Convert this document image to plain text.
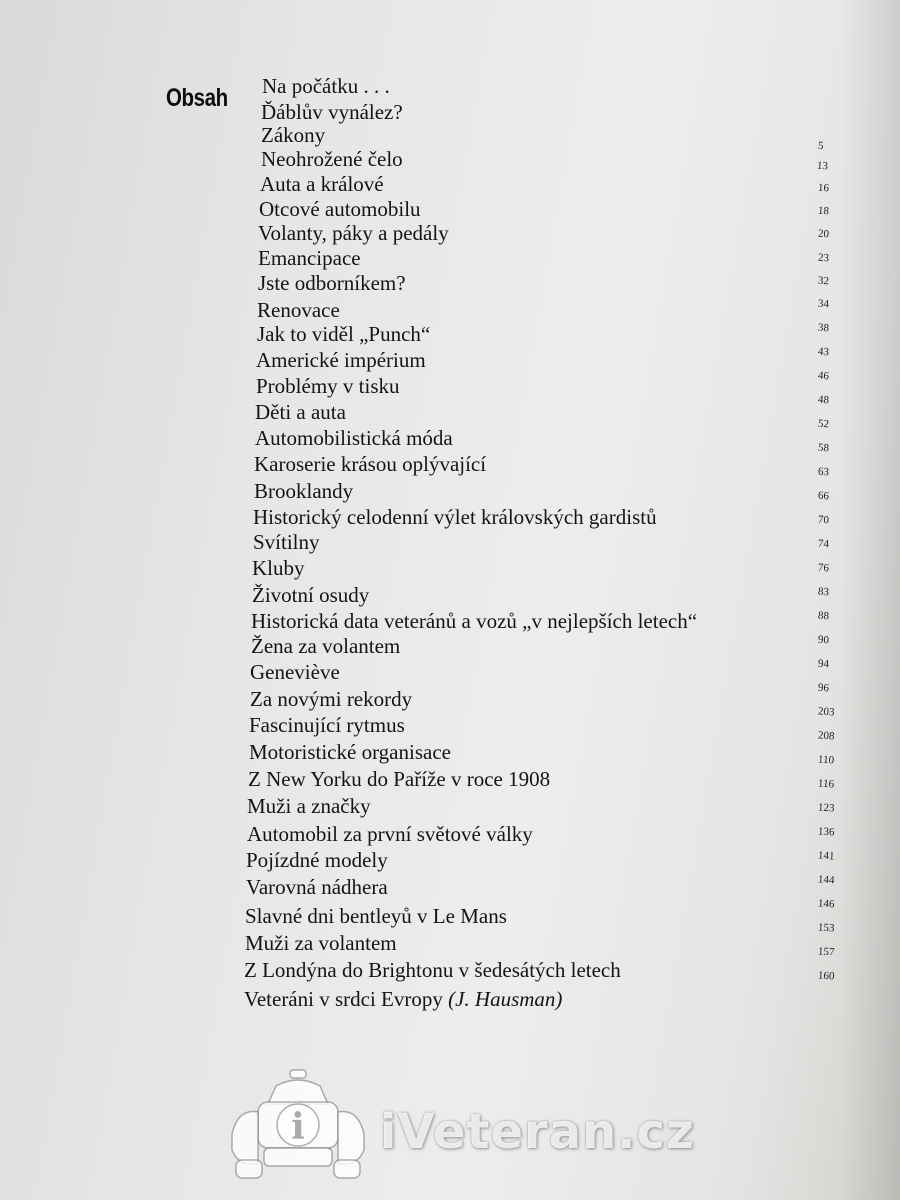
Obsah Na počátku . . .
Ďáblův vynález?
Zákony
Neohrožené čelo
Auta a králové
Otcové automobilu
Volanty, páky a pedály
Emancipace
Jste odborníkem?
Renovace
Jak to viděl „Punch“
Americké impérium
Problémy v tisku
Děti a auta
Automobilistická móda
Karoserie krásou oplývající
Brooklandy
Historický celodenní výlet královských gardistů
Svítilny
Kluby
Životní osudy
Historická data veteránů a vozů „v nejlepších letech“
Žena za volantem
Geneviève
Za novými rekordy
Fascinující rytmus
Motoristické organisace
Z New Yorku do Paříže v roce 1908
Muži a značky
Automobil za první světové války
Pojízdné modely
Varovná nádhera
Slavné dni bentleyů v Le Mans
Muži za volantem
Z Londýna do Brightonu v šedesátých letech
Veteráni v srdci Evropy (J. Hausman)
5
13
16
18
20
23
32
34
38
43
46
48
52
58
63
66
70
74
76
83
88
90
94
96
203
208
110
116
123
136
141
144
146
153
157
160
i iVeteran.cz
